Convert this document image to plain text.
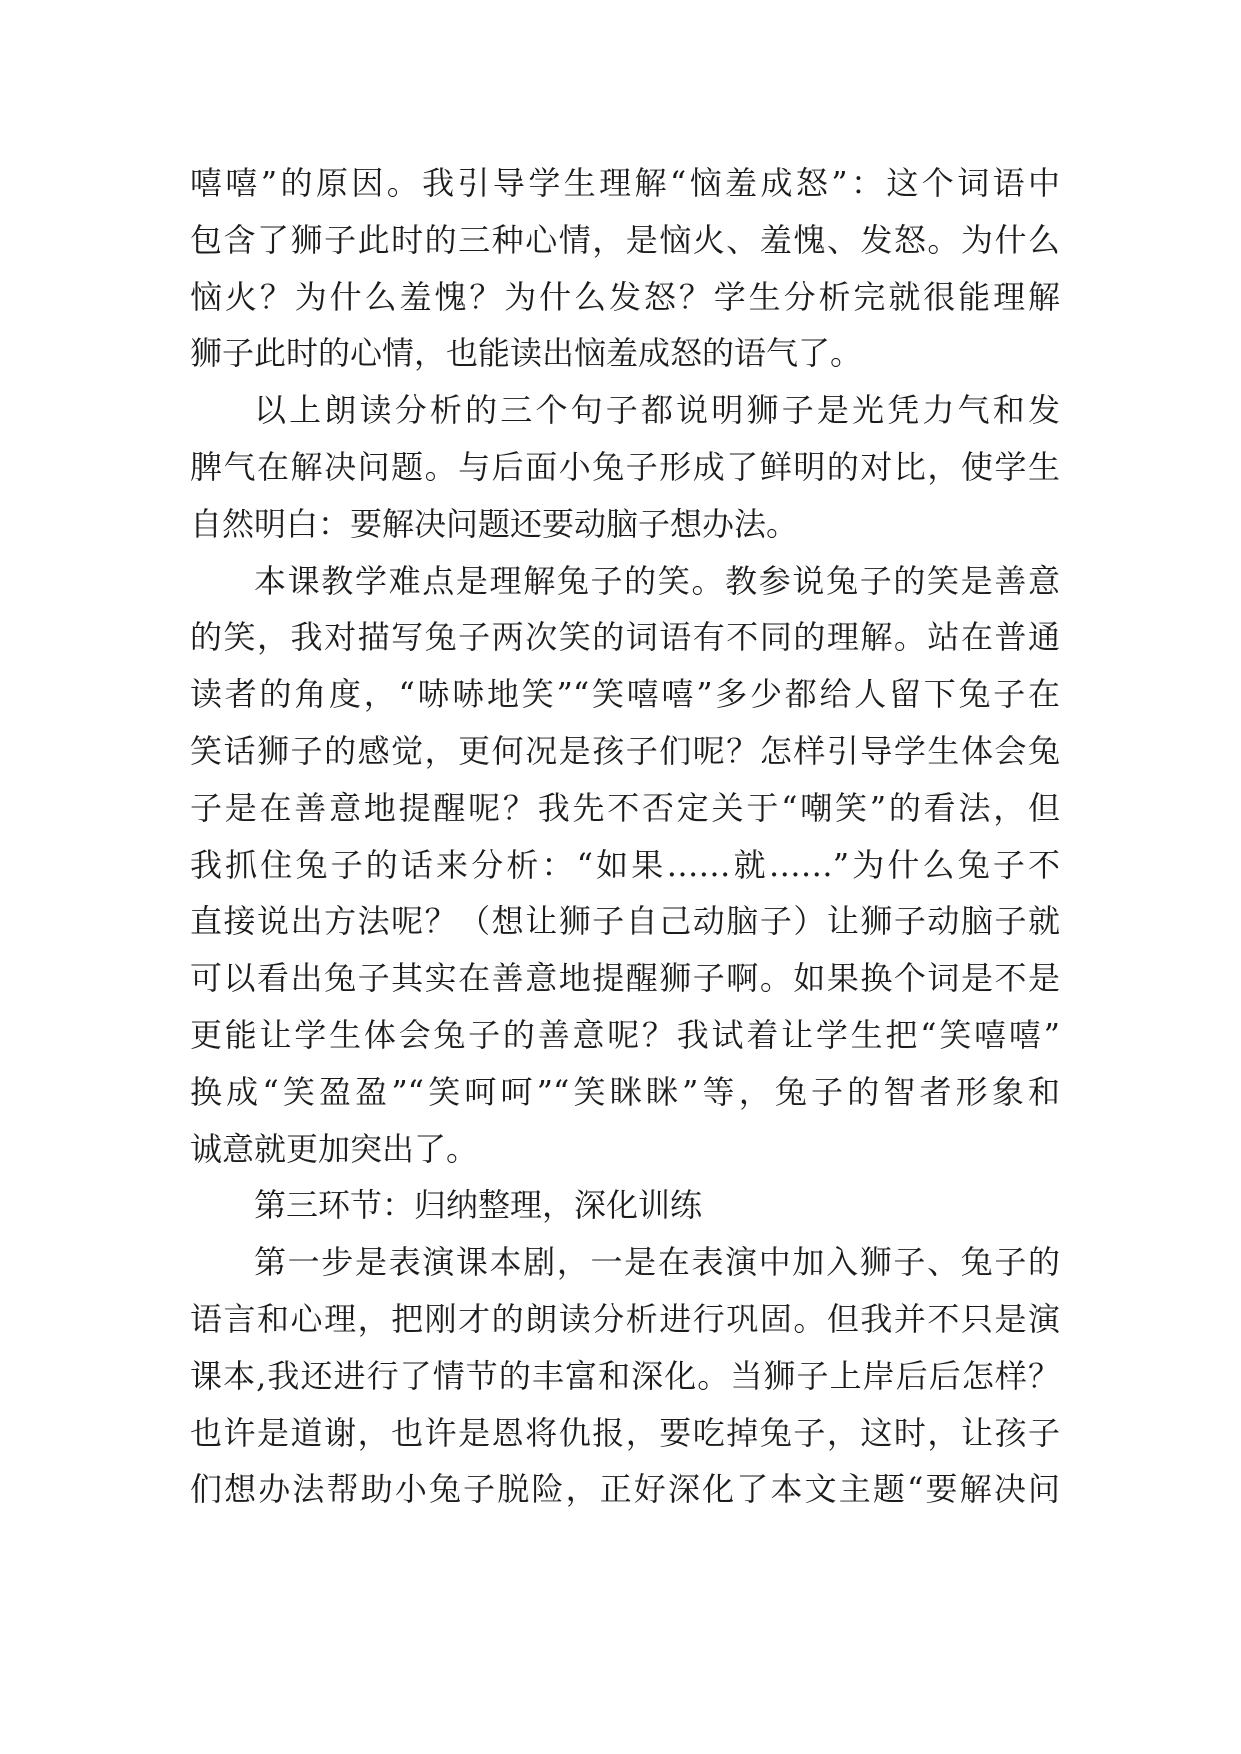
嘻嘻”的原因。我引导学生理解“恼羞成怒”：这个词语中
包含了狮子此时的三种心情，是恼火、羞愧、发怒。为什么
恼火？为什么羞愧？为什么发怒？学生分析完就很能理解
狮子此时的心情，也能读出恼羞成怒的语气了。
以上朗读分析的三个句子都说明狮子是光凭力气和发
脾气在解决问题。与后面小兔子形成了鲜明的对比，使学生
自然明白：要解决问题还要动脑子想办法。
本课教学难点是理解兔子的笑。教参说兔子的笑是善意
的笑，我对描写兔子两次笑的词语有不同的理解。站在普通
读者的角度，“哧哧地笑”“笑嘻嘻”多少都给人留下兔子在
笑话狮子的感觉，更何况是孩子们呢？怎样引导学生体会兔
子是在善意地提醒呢？我先不否定关于“嘲笑”的看法，但
我抓住兔子的话来分析：“如果……就……”为什么兔子不
直接说出方法呢？（想让狮子自己动脑子）让狮子动脑子就
可以看出兔子其实在善意地提醒狮子啊。如果换个词是不是
更能让学生体会兔子的善意呢？我试着让学生把“笑嘻嘻”
换成“笑盈盈”“笑呵呵”“笑眯眯”等，兔子的智者形象和
诚意就更加突出了。
第三环节：归纳整理，深化训练
第一步是表演课本剧，一是在表演中加入狮子、兔子的
语言和心理，把刚才的朗读分析进行巩固。但我并不只是演
课本,我还进行了情节的丰富和深化。当狮子上岸后后怎样？
也许是道谢，也许是恩将仇报，要吃掉兔子，这时，让孩子
们想办法帮助小兔子脱险，正好深化了本文主题“要解决问
